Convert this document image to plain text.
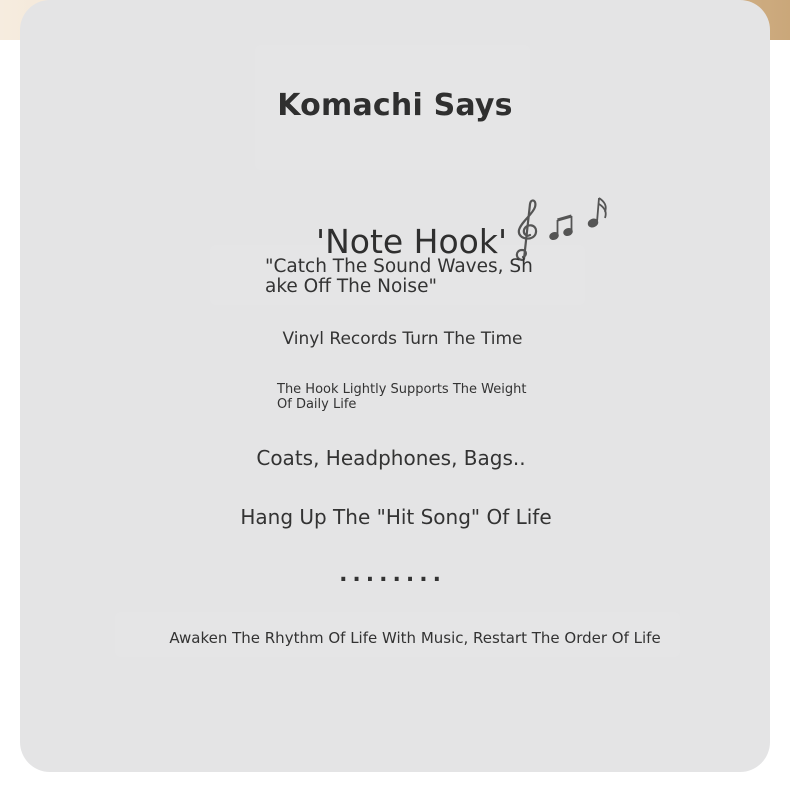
Komachi Says
'Note Hook'
"Catch The Sound Waves, Shake Off The Noise"
Vinyl Records Turn The Time
The Hook Lightly Supports The Weight Of Daily Life
Coats, Headphones, Bags..
Hang Up The "Hit Song" Of Life
........
Awaken The Rhythm Of Life With Music, Restart The Order Of Life
